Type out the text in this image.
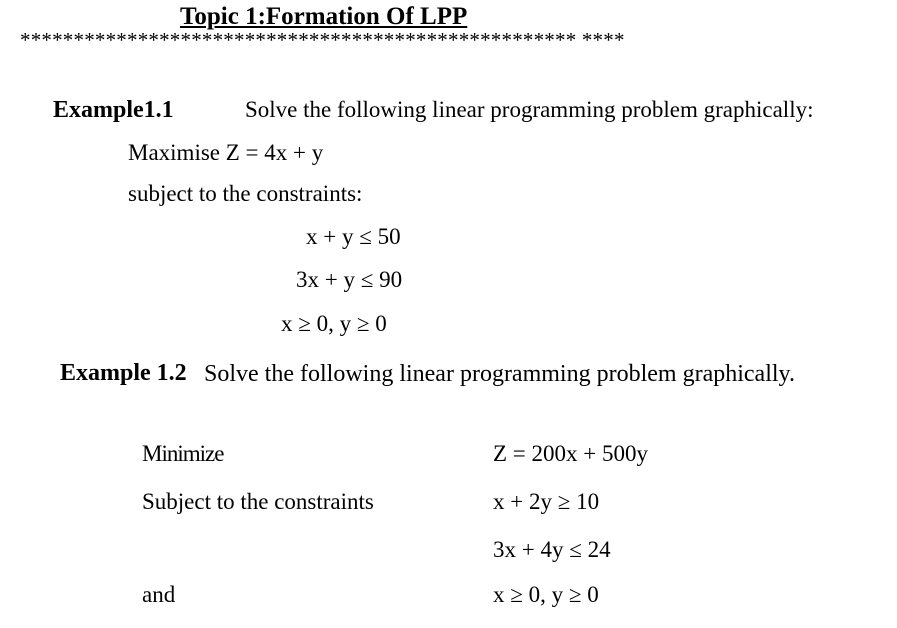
Topic 1:Formation Of LPP
**************************************************** ****
Example1.1	Solve the following linear programming problem graphically:
Maximise Z = 4x + y
subject to the constraints:
x + y ≤ 50
3x + y ≤ 90
x ≥ 0, y ≥ 0
Example 1.2 Solve the following linear programming problem graphically.
Minimize	Z = 200x + 500y
Subject to the constraints	x + 2y ≥ 10
3x + 4y ≤ 24
and	x ≥ 0, y ≥ 0
